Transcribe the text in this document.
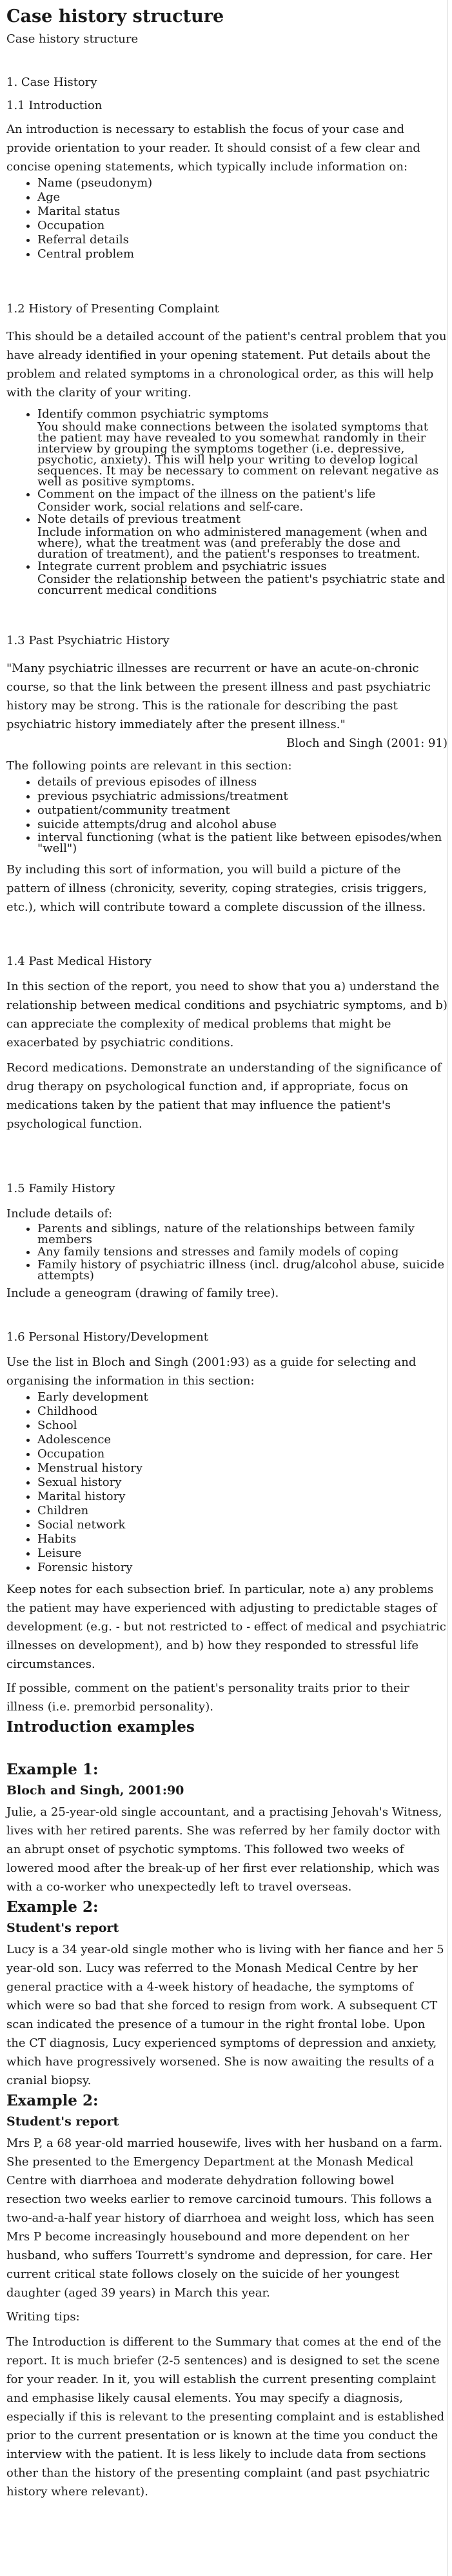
Case history structure
Case history structure
1. Case History
1.1 Introduction

An introduction is necessary to establish the focus of your case and provide orientation to your reader. It should consist of a few clear and concise opening statements, which typically include information on:

• Name (pseudonym)
• Age
• Marital status
• Occupation
• Referral details
• Central problem
1.2 History of Presenting Complaint

This should be a detailed account of the patient's central problem that you have already identified in your opening statement. Put details about the problem and related symptoms in a chronological order, as this will help with the clarity of your writing.

• Identify common psychiatric symptoms
You should make connections between the isolated symptoms that the patient may have revealed to you somewhat randomly in their interview by grouping the symptoms together (i.e. depressive, psychotic, anxiety). This will help your writing to develop logical sequences. It may be necessary to comment on relevant negative as well as positive symptoms.
• Comment on the impact of the illness on the patient's life
Consider work, social relations and self-care.
• Note details of previous treatment
Include information on who administered management (when and where), what the treatment was (and preferably the dose and duration of treatment), and the patient's responses to treatment.
• Integrate current problem and psychiatric issues
Consider the relationship between the patient's psychiatric state and concurrent medical conditions
1.3 Past Psychiatric History

"Many psychiatric illnesses are recurrent or have an acute-on-chronic course, so that the link between the present illness and past psychiatric history may be strong. This is the rationale for describing the past psychiatric history immediately after the present illness."

Bloch and Singh (2001: 91)

The following points are relevant in this section:

• details of previous episodes of illness
• previous psychiatric admissions/treatment
• outpatient/community treatment
• suicide attempts/drug and alcohol abuse
• interval functioning (what is the patient like between episodes/when "well")

By including this sort of information, you will build a picture of the pattern of illness (chronicity, severity, coping strategies, crisis triggers, etc.), which will contribute toward a complete discussion of the illness.

1.4 Past Medical History

In this section of the report, you need to show that you a) understand the relationship between medical conditions and psychiatric symptoms, and b) can appreciate the complexity of medical problems that might be exacerbated by psychiatric conditions.

Record medications. Demonstrate an understanding of the significance of drug therapy on psychological function and, if appropriate, focus on medications taken by the patient that may influence the patient's psychological function.

1.5 Family History

Include details of:

• Parents and siblings, nature of the relationships between family members
• Any family tensions and stresses and family models of coping
• Family history of psychiatric illness (incl. drug/alcohol abuse, suicide attempts)

Include a geneogram (drawing of family tree).

1.6 Personal History/Development

Use the list in Bloch and Singh (2001:93) as a guide for selecting and organising the information in this section:

• Early development
• Childhood
• School
• Adolescence
• Occupation
• Menstrual history
• Sexual history
• Marital history
• Children
• Social network
• Habits
• Leisure
• Forensic history

Keep notes for each subsection brief. In particular, note a) any problems the patient may have experienced with adjusting to predictable stages of development (e.g. - but not restricted to - effect of medical and psychiatric illnesses on development), and b) how they responded to stressful life circumstances.

If possible, comment on the patient's personality traits prior to their illness (i.e. premorbid personality).

Introduction examples
Example 1:
Bloch and Singh, 2001:90

Julie, a 25-year-old single accountant, and a practising Jehovah's Witness, lives with her retired parents. She was referred by her family doctor with an abrupt onset of psychotic symptoms. This followed two weeks of lowered mood after the break-up of her first ever relationship, which was with a co-worker who unexpectedly left to travel overseas.

Example 2:
Student's report

Lucy is a 34 year-old single mother who is living with her fiance and her 5 year-old son. Lucy was referred to the Monash Medical Centre by her general practice with a 4-week history of headache, the symptoms of which were so bad that she forced to resign from work. A subsequent CT scan indicated the presence of a tumour in the right frontal lobe. Upon the CT diagnosis, Lucy experienced symptoms of depression and anxiety, which have progressively worsened. She is now awaiting the results of a cranial biopsy.

Example 2:
Student's report

Mrs P, a 68 year-old married housewife, lives with her husband on a farm. She presented to the Emergency Department at the Monash Medical Centre with diarrhoea and moderate dehydration following bowel resection two weeks earlier to remove carcinoid tumours. This follows a two-and-a-half year history of diarrhoea and weight loss, which has seen Mrs P become increasingly housebound and more dependent on her husband, who suffers Tourrett's syndrome and depression, for care. Her current critical state follows closely on the suicide of her youngest daughter (aged 39 years) in March this year.

Writing tips:

The Introduction is different to the Summary that comes at the end of the report. It is much briefer (2-5 sentences) and is designed to set the scene for your reader. In it, you will establish the current presenting complaint and emphasise likely causal elements. You may specify a diagnosis, especially if this is relevant to the presenting complaint and is established prior to the current presentation or is known at the time you conduct the interview with the patient. It is less likely to include data from sections other than the history of the presenting complaint (and past psychiatric history where relevant).
